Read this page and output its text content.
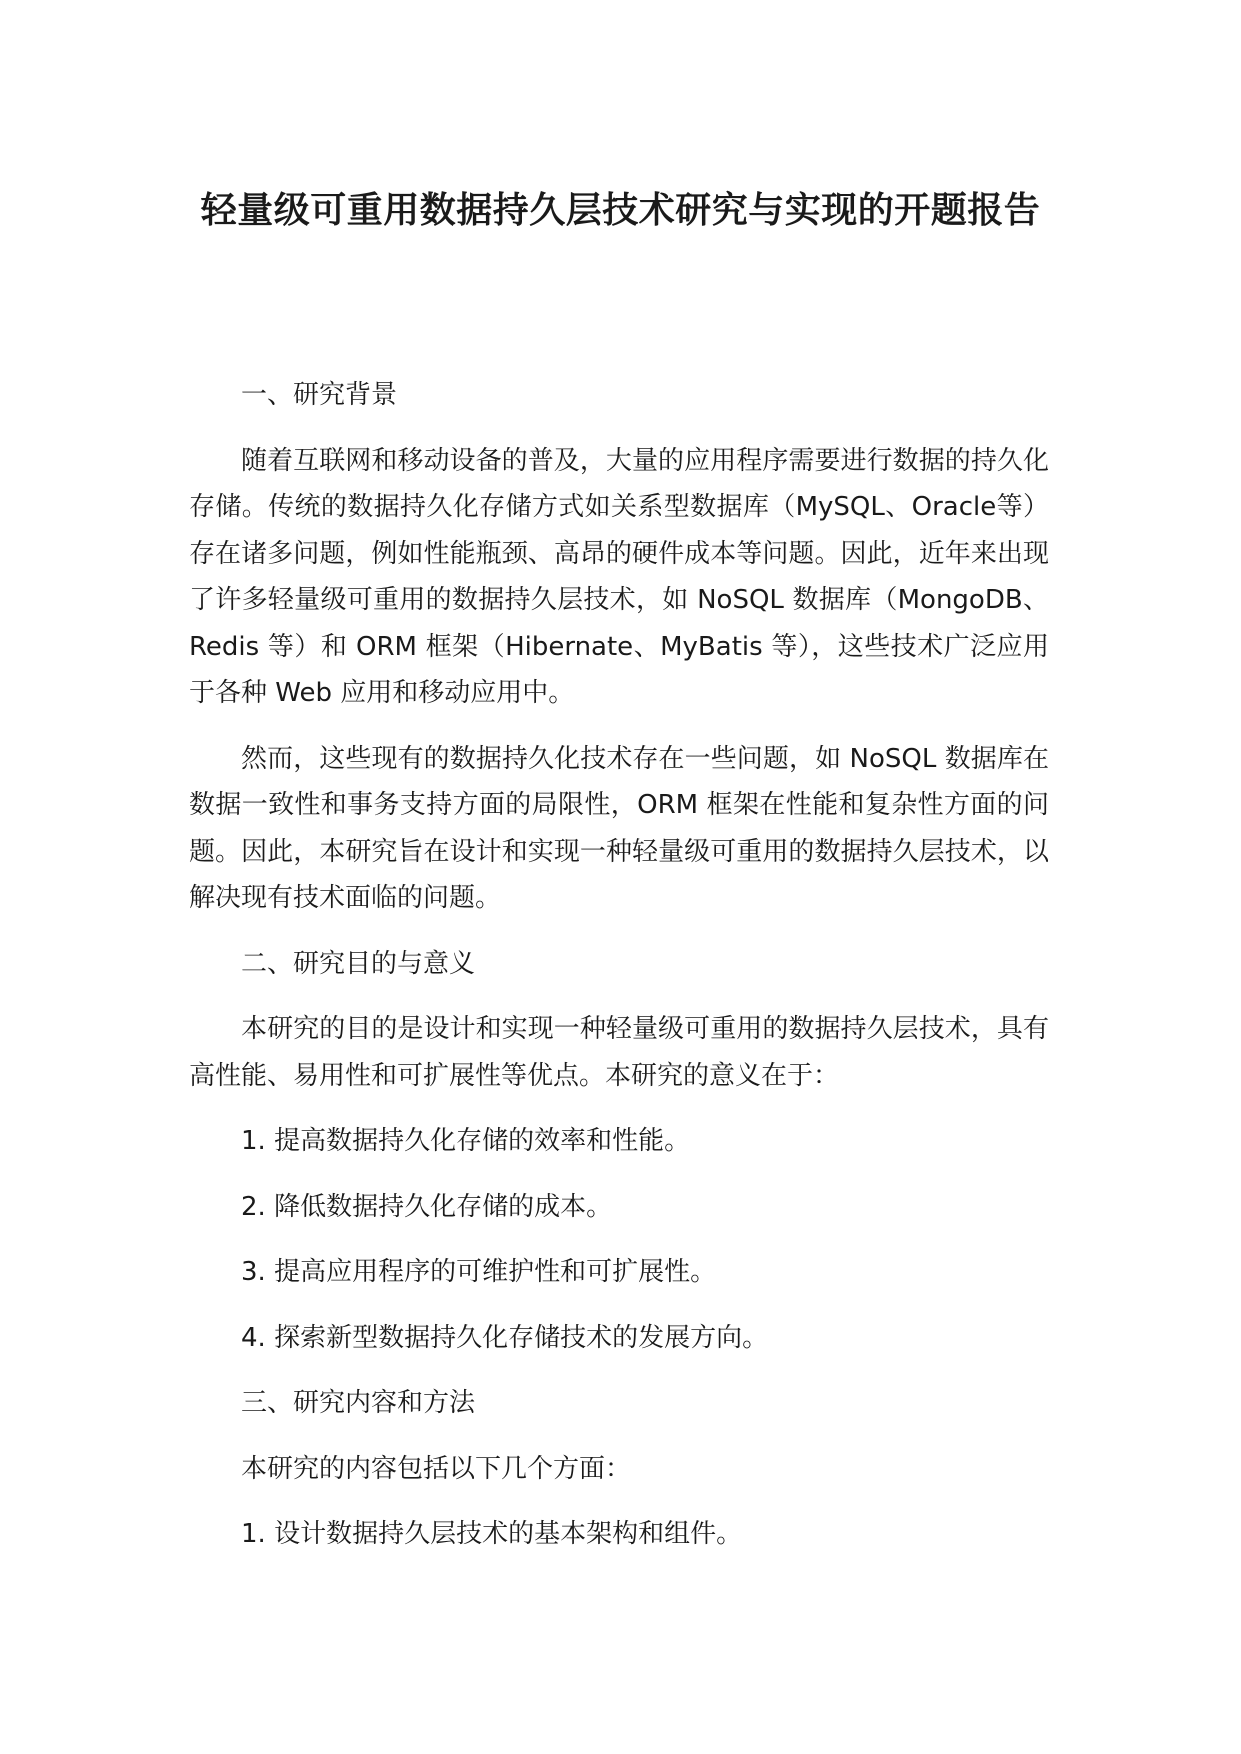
轻量级可重用数据持久层技术研究与实现的开题报告
一、研究背景

随着互联网和移动设备的普及，大量的应用程序需要进行数据的持久化存储。传统的数据持久化存储方式如关系型数据库（MySQL、Oracle等）存在诸多问题，例如性能瓶颈、高昂的硬件成本等问题。因此，近年来出现了许多轻量级可重用的数据持久层技术，如 NoSQL 数据库（MongoDB、Redis 等）和 ORM 框架（Hibernate、MyBatis 等），这些技术广泛应用于各种 Web 应用和移动应用中。

然而，这些现有的数据持久化技术存在一些问题，如 NoSQL 数据库在数据一致性和事务支持方面的局限性，ORM 框架在性能和复杂性方面的问题。因此，本研究旨在设计和实现一种轻量级可重用的数据持久层技术，以解决现有技术面临的问题。

二、研究目的与意义

本研究的目的是设计和实现一种轻量级可重用的数据持久层技术，具有高性能、易用性和可扩展性等优点。本研究的意义在于：

1. 提高数据持久化存储的效率和性能。
2. 降低数据持久化存储的成本。
3. 提高应用程序的可维护性和可扩展性。
4. 探索新型数据持久化存储技术的发展方向。
三、研究内容和方法

本研究的内容包括以下几个方面：

1. 设计数据持久层技术的基本架构和组件。
